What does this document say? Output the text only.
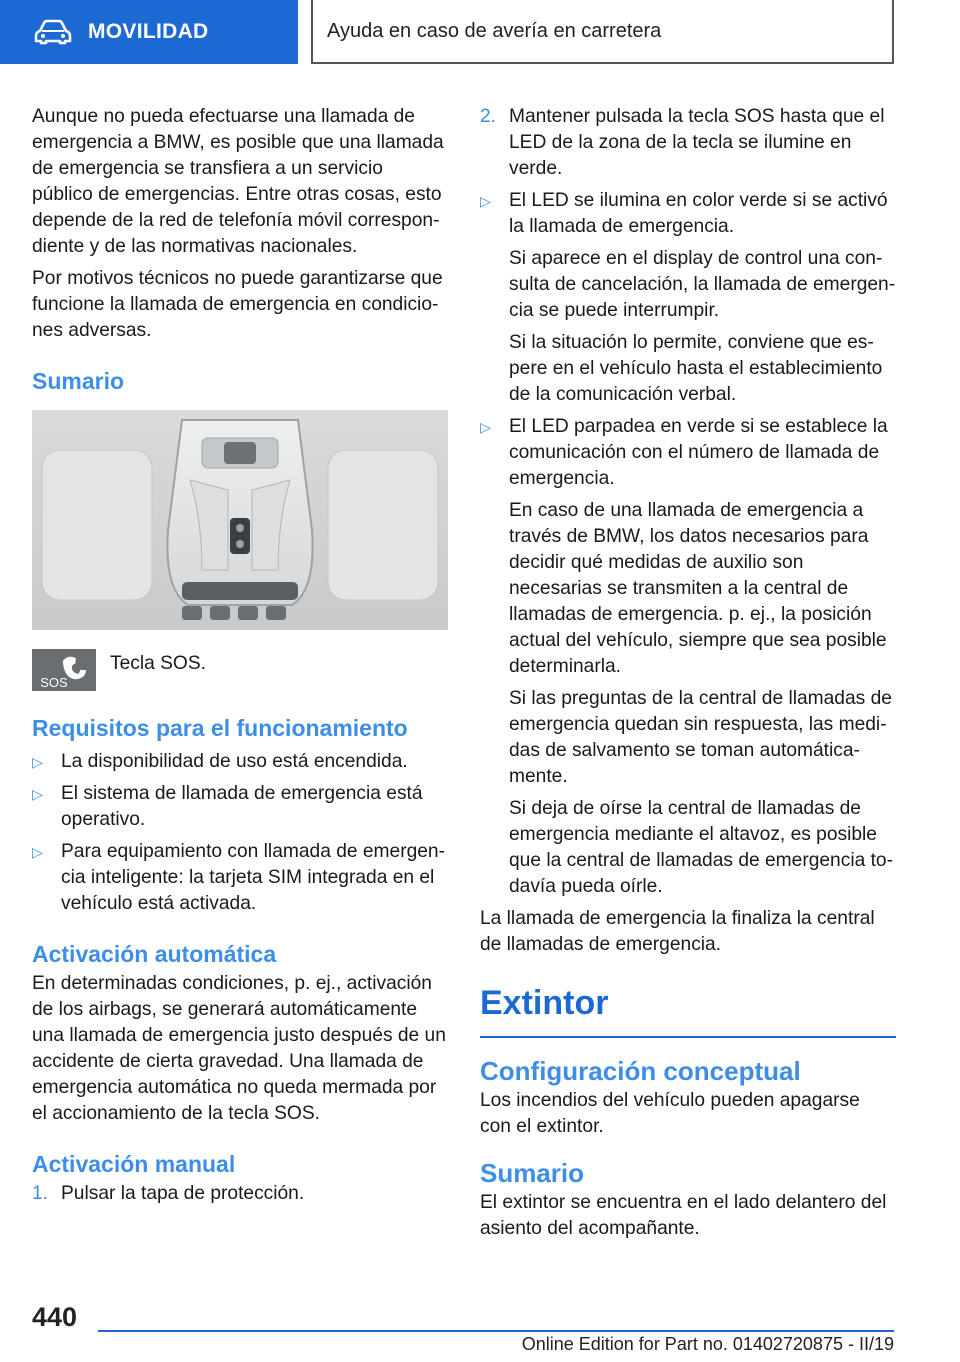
MOVILIDAD	Ayuda en caso de avería en carretera

Aunque no pueda efectuarse una llamada de emergencia a BMW, es posible que una llamada de emergencia se transfiera a un servicio público de emergencias. Entre otras cosas, esto depende de la red de telefonía móvil correspondiente y de las normativas nacionales.

Por motivos técnicos no puede garantizarse que funcione la llamada de emergencia en condiciones adversas.

Sumario
SOS

Tecla SOS.

Requisitos para el funcionamiento
▷ La disponibilidad de uso está encendida.
▷ El sistema de llamada de emergencia está operativo.
▷ Para equipamiento con llamada de emergencia inteligente: la tarjeta SIM integrada en el vehículo está activada.
Activación automática

En determinadas condiciones, p. ej., activación de los airbags, se generará automáticamente una llamada de emergencia justo después de un accidente de cierta gravedad. Una llamada de emergencia automática no queda mermada por el accionamiento de la tecla SOS.

Activación manual
1. Pulsar la tapa de protección.
2. Mantener pulsada la tecla SOS hasta que el LED de la zona de la tecla se ilumine en verde.
▷ El LED se ilumina en color verde si se activó la llamada de emergencia.
Si aparece en el display de control una consulta de cancelación, la llamada de emergencia se puede interrumpir.
Si la situación lo permite, conviene que espere en el vehículo hasta el establecimiento de la comunicación verbal.
▷ El LED parpadea en verde si se establece la comunicación con el número de llamada de emergencia.
En caso de una llamada de emergencia a través de BMW, los datos necesarios para decidir qué medidas de auxilio son necesarias se transmiten a la central de llamadas de emergencia. p. ej., la posición actual del vehículo, siempre que sea posible determinarla.
Si las preguntas de la central de llamadas de emergencia quedan sin respuesta, las medidas de salvamento se toman automáticamente.
Si deja de oírse la central de llamadas de emergencia mediante el altavoz, es posible que la central de llamadas de emergencia todavía pueda oírle.

La llamada de emergencia la finaliza la central de llamadas de emergencia.

Extintor
Configuración conceptual

Los incendios del vehículo pueden apagarse con el extintor.

Sumario

El extintor se encuentra en el lado delantero del asiento del acompañante.

440
Online Edition for Part no. 01402720875 - II/19
